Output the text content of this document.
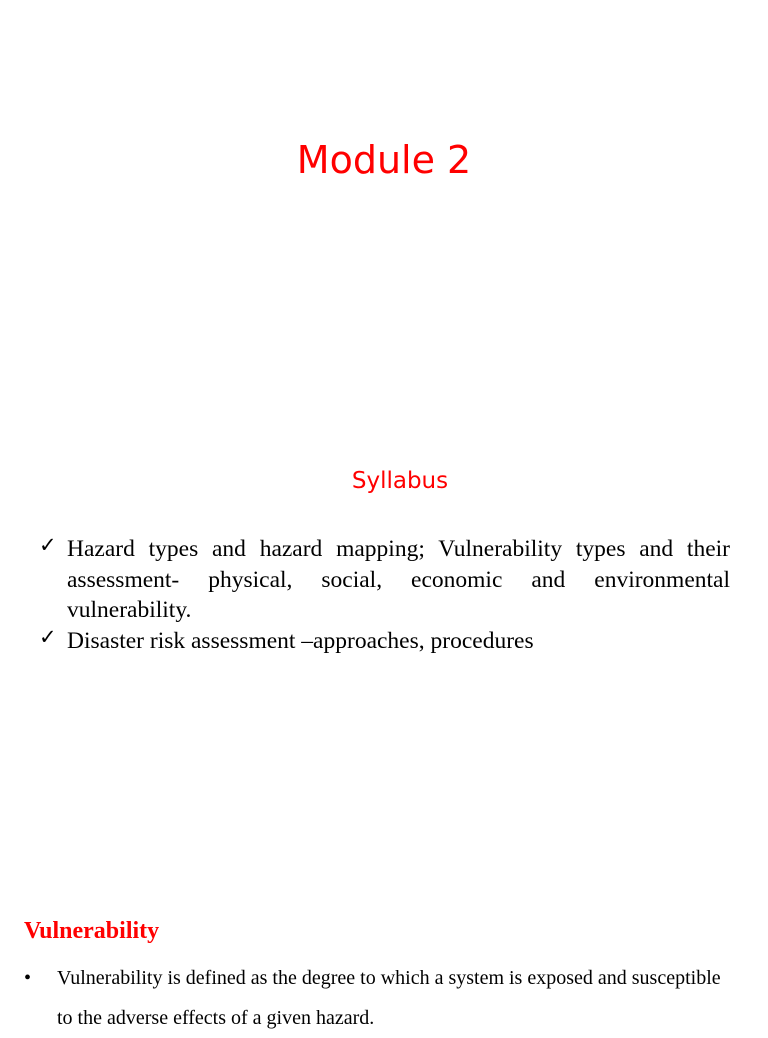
Module 2
Syllabus
✓ Hazard types and hazard mapping; Vulnerability types and their assessment- physical, social, economic and environmental vulnerability.
✓ Disaster risk assessment –approaches, procedures
Vulnerability
• Vulnerability is defined as the degree to which a system is exposed and susceptible to the adverse effects of a given hazard.
